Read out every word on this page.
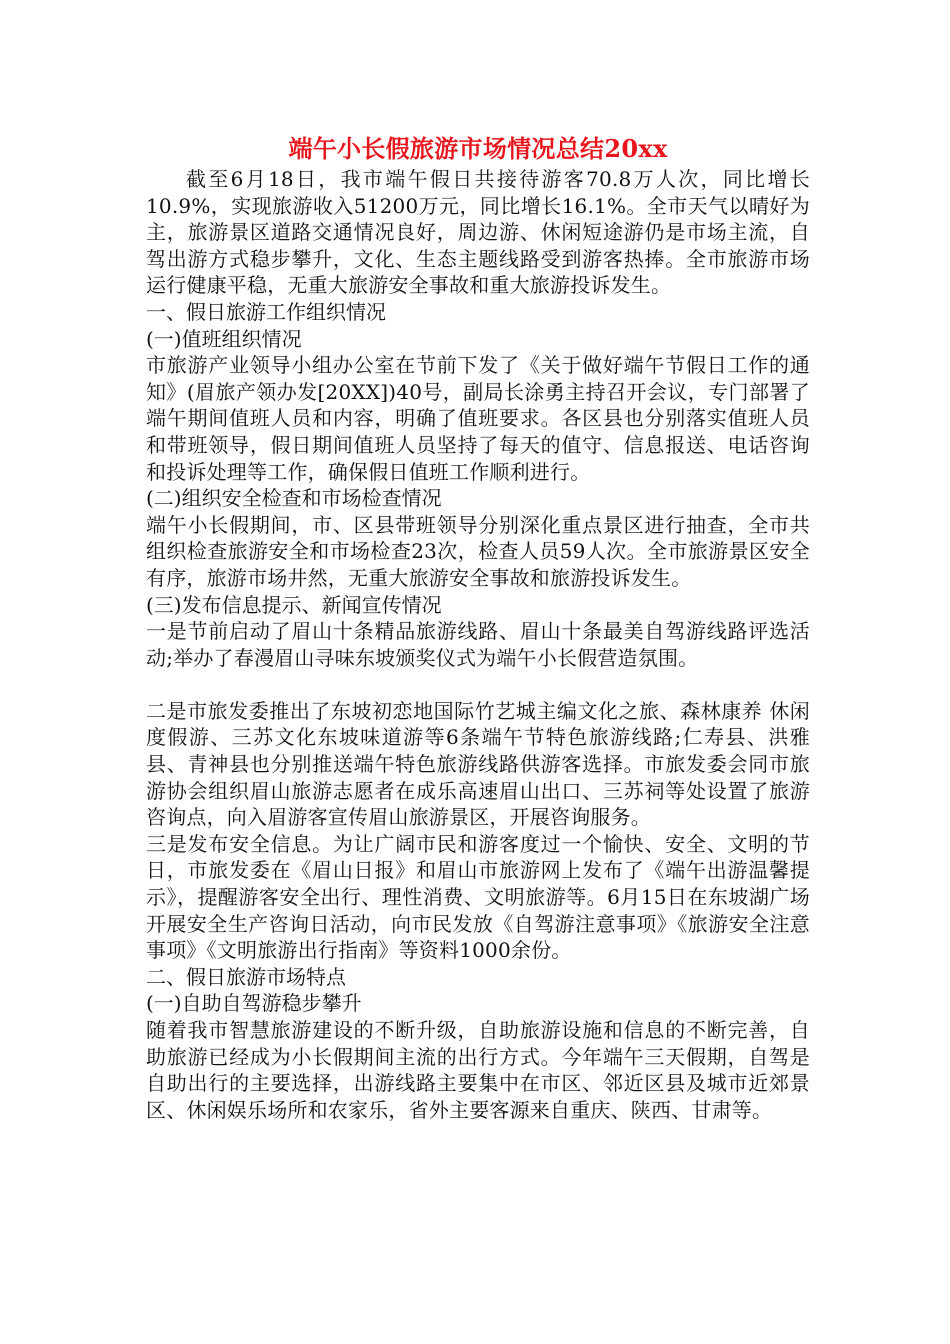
端午小长假旅游市场情况总结20xx

截至6月18日，我市端午假日共接待游客70.8万人次，同比增长10.9%，实现旅游收入51200万元，同比增长16.1%。全市天气以晴好为主，旅游景区道路交通情况良好，周边游、休闲短途游仍是市场主流，自驾出游方式稳步攀升，文化、生态主题线路受到游客热捧。全市旅游市场运行健康平稳，无重大旅游安全事故和重大旅游投诉发生。

一、假日旅游工作组织情况

(一)值班组织情况

市旅游产业领导小组办公室在节前下发了《关于做好端午节假日工作的通知》(眉旅产领办发[20XX])40号，副局长涂勇主持召开会议，专门部署了端午期间值班人员和内容，明确了值班要求。各区县也分别落实值班人员和带班领导，假日期间值班人员坚持了每天的值守、信息报送、电话咨询和投诉处理等工作，确保假日值班工作顺利进行。

(二)组织安全检查和市场检查情况

端午小长假期间，市、区县带班领导分别深化重点景区进行抽查，全市共组织检查旅游安全和市场检查23次，检查人员59人次。全市旅游景区安全有序，旅游市场井然，无重大旅游安全事故和旅游投诉发生。

(三)发布信息提示、新闻宣传情况

一是节前启动了眉山十条精品旅游线路、眉山十条最美自驾游线路评选活动;举办了春漫眉山寻味东坡颁奖仪式为端午小长假营造氛围。

二是市旅发委推出了东坡初恋地国际竹艺城主编文化之旅、森林康养 休闲度假游、三苏文化东坡味道游等6条端午节特色旅游线路;仁寿县、洪雅县、青神县也分别推送端午特色旅游线路供游客选择。市旅发委会同市旅游协会组织眉山旅游志愿者在成乐高速眉山出口、三苏祠等处设置了旅游咨询点，向入眉游客宣传眉山旅游景区，开展咨询服务。

三是发布安全信息。为让广阔市民和游客度过一个愉快、安全、文明的节日，市旅发委在《眉山日报》和眉山市旅游网上发布了《端午出游温馨提示》，提醒游客安全出行、理性消费、文明旅游等。6月15日在东坡湖广场开展安全生产咨询日活动，向市民发放《自驾游注意事项》《旅游安全注意事项》《文明旅游出行指南》等资料1000余份。

二、假日旅游市场特点

(一)自助自驾游稳步攀升

随着我市智慧旅游建设的不断升级，自助旅游设施和信息的不断完善，自助旅游已经成为小长假期间主流的出行方式。今年端午三天假期，自驾是自助出行的主要选择，出游线路主要集中在市区、邻近区县及城市近郊景区、休闲娱乐场所和农家乐，省外主要客源来自重庆、陕西、甘肃等。
